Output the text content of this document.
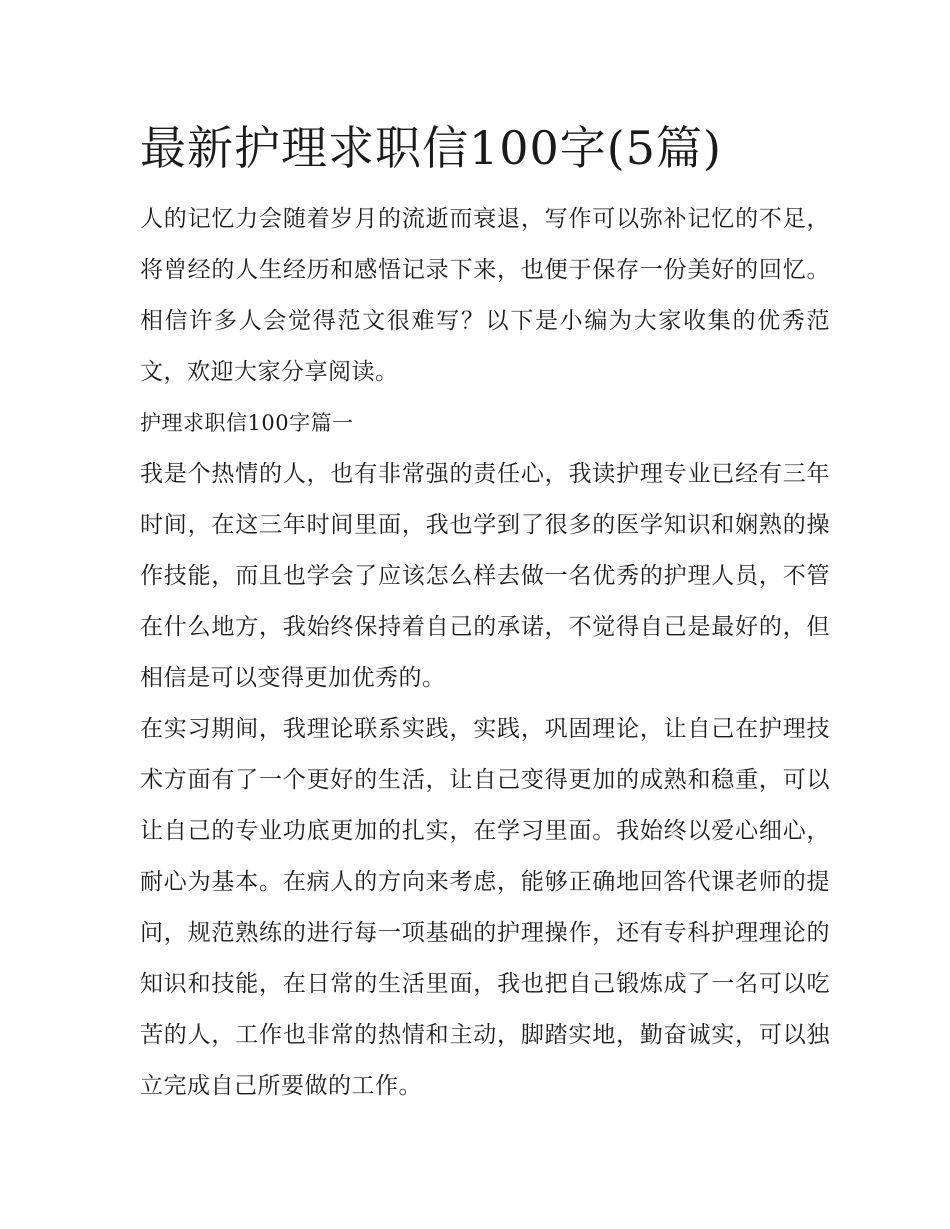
最新护理求职信100字(5篇)

人的记忆力会随着岁月的流逝而衰退，写作可以弥补记忆的不足，将曾经的人生经历和感悟记录下来，也便于保存一份美好的回忆。相信许多人会觉得范文很难写？以下是小编为大家收集的优秀范文，欢迎大家分享阅读。

护理求职信100字篇一

我是个热情的人，也有非常强的责任心，我读护理专业已经有三年时间，在这三年时间里面，我也学到了很多的医学知识和娴熟的操作技能，而且也学会了应该怎么样去做一名优秀的护理人员，不管在什么地方，我始终保持着自己的承诺，不觉得自己是最好的，但相信是可以变得更加优秀的。

在实习期间，我理论联系实践，实践，巩固理论，让自己在护理技术方面有了一个更好的生活，让自己变得更加的成熟和稳重，可以让自己的专业功底更加的扎实，在学习里面。我始终以爱心细心，耐心为基本。在病人的方向来考虑，能够正确地回答代课老师的提问，规范熟练的进行每一项基础的护理操作，还有专科护理理论的知识和技能，在日常的生活里面，我也把自己锻炼成了一名可以吃苦的人，工作也非常的热情和主动，脚踏实地，勤奋诚实，可以独立完成自己所要做的工作。
